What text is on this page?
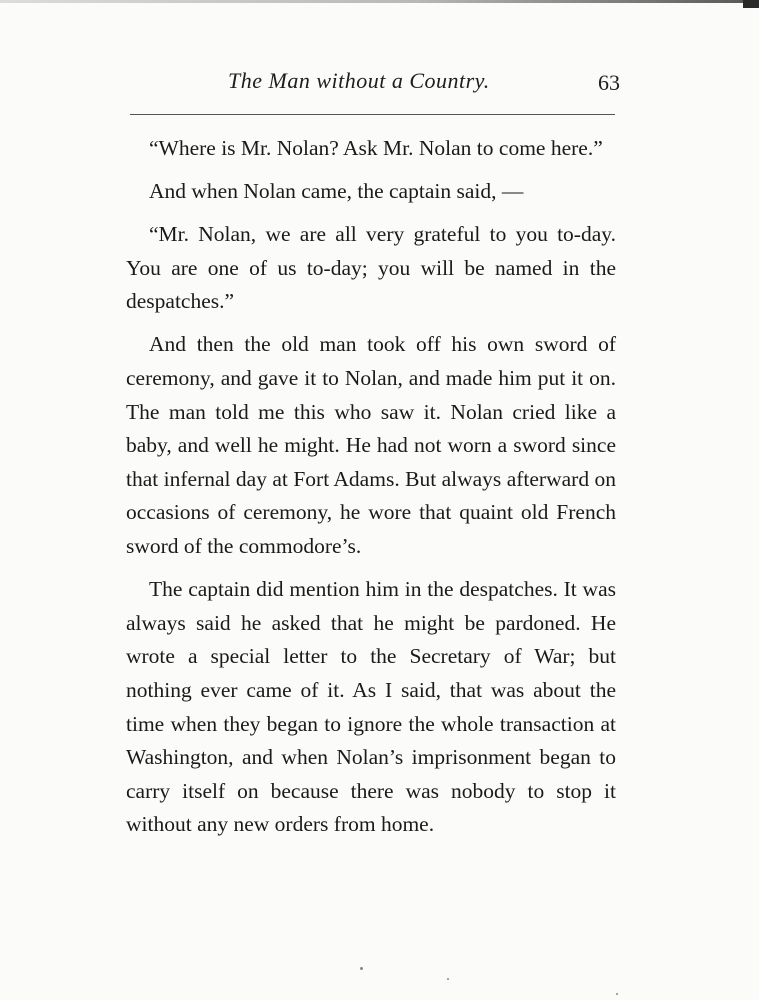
The Man without a Country.	63

“Where is Mr. Nolan? Ask Mr. Nolan to come here.”

And when Nolan came, the captain said, —

“Mr. Nolan, we are all very grateful to you to-day. You are one of us to-day; you will be named in the despatches.”

And then the old man took off his own sword of ceremony, and gave it to Nolan, and made him put it on. The man told me this who saw it. Nolan cried like a baby, and well he might. He had not worn a sword since that infernal day at Fort Adams. But always afterward on occasions of ceremony, he wore that quaint old French sword of the commodore’s.

The captain did mention him in the despatches. It was always said he asked that he might be pardoned. He wrote a special letter to the Secretary of War; but nothing ever came of it. As I said, that was about the time when they began to ignore the whole transaction at Washington, and when Nolan’s imprisonment began to carry itself on because there was nobody to stop it without any new orders from home.
